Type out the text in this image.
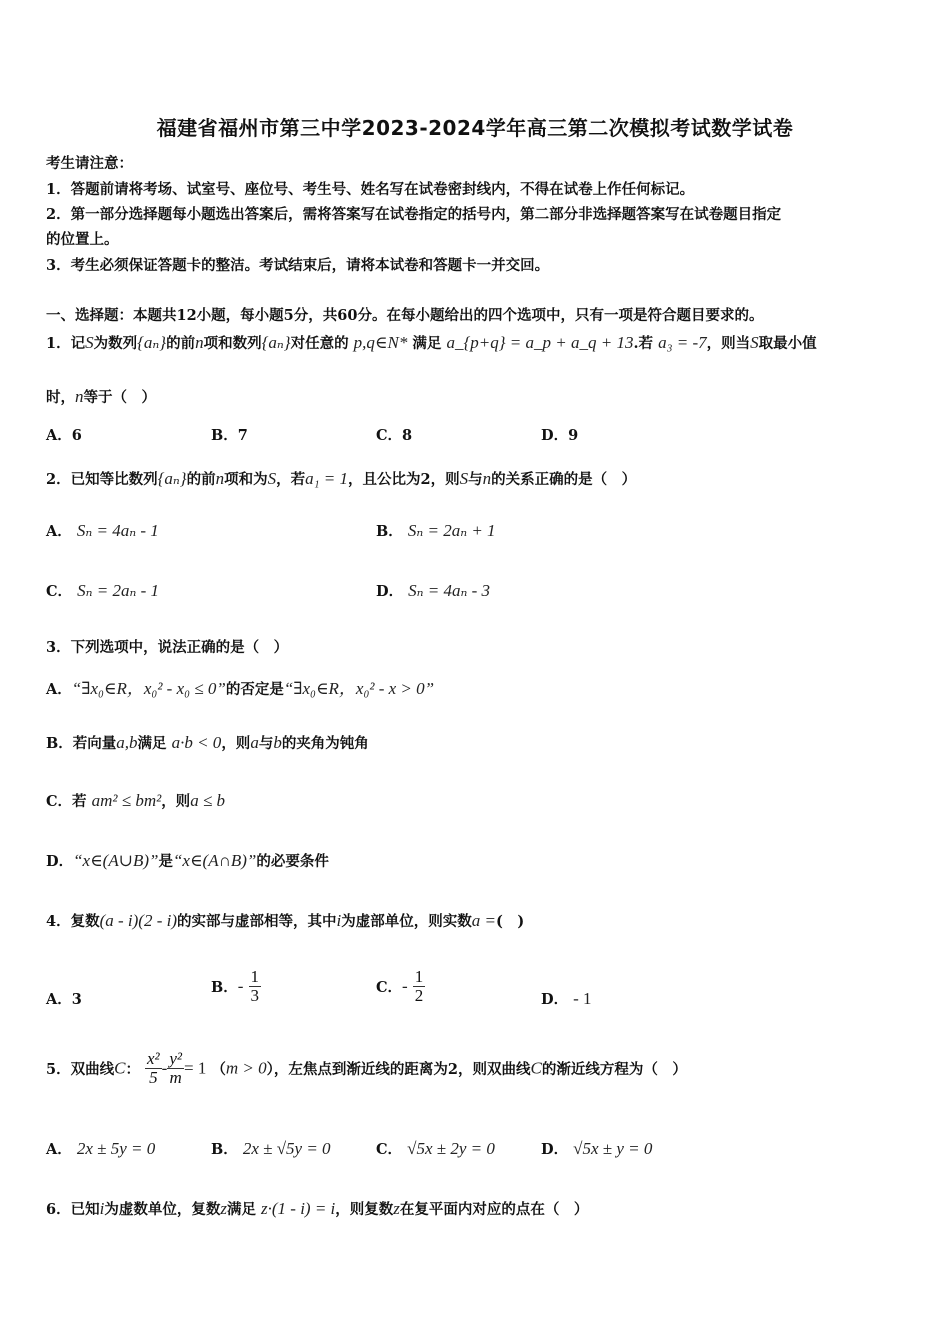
福建省福州市第三中学2023-2024学年高三第二次模拟考试数学试卷
考生请注意：
1．答题前请将考场、试室号、座位号、考生号、姓名写在试卷密封线内，不得在试卷上作任何标记。
2．第一部分选择题每小题选出答案后，需将答案写在试卷指定的括号内，第二部分非选择题答案写在试卷题目指定
的位置上。
3．考生必须保证答题卡的整洁。考试结束后，请将本试卷和答题卡一并交回。
一、选择题：本题共12小题，每小题5分，共60分。在每小题给出的四个选项中，只有一项是符合题目要求的。
1．记S为数列{aₙ}的前n项和数列{aₙ}对任意的 p,q∈N* 满足 a_{p+q} = a_p + a_q + 13.若 a₃ = -7，则当S取最小值
时，n等于（　）
A．6	B．7	C．8	D．9
2．已知等比数列{aₙ}的前n项和为S，若a₁ = 1，且公比为2，则S与n的关系正确的是（　）
A． Sₙ = 4aₙ - 1	B． Sₙ = 2aₙ + 1
C． Sₙ = 2aₙ - 1	D． Sₙ = 4aₙ - 3
3．下列选项中，说法正确的是（　）
A．“∃x₀∈R，x₀² - x₀ ≤ 0”的否定是“∃x₀∈R，x₀² - x > 0”
B．若向量a,b满足 a·b < 0，则a与b的夹角为钝角
C．若 am² ≤ bm²，则a ≤ b
D．“x∈(A∪B)”是“x∈(A∩B)”的必要条件
4．复数(a - i)(2 - i)的实部与虚部相等，其中i为虚部单位，则实数a =(　)
A．3
B．- $\frac{1}{3}$	C．- $\frac{1}{2}$	D． - 1
5．双曲线C： $\frac{\text{x²}}{5} - \frac{\text{y²}}{m} = 1$ （m > 0），左焦点到渐近线的距离为2，则双曲线C的渐近线方程为（　）
A． 2x ± 5y = 0	B． 2x ± √5y = 0	C． √5x ± 2y = 0	D． √5x ± y = 0
6．已知i为虚数单位，复数z满足 z·(1 - i) = i，则复数z在复平面内对应的点在（　）
